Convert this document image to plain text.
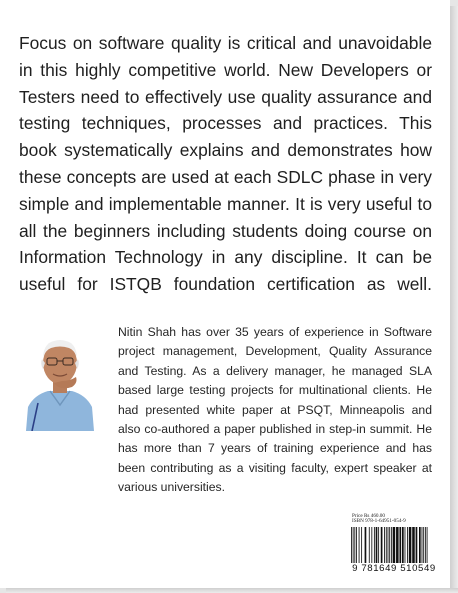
Focus on software quality is critical and unavoidable in this highly competitive world. New Developers or Testers need to effectively use quality assurance and testing techniques, processes and practices. This book systematically explains and demonstrates how these concepts are used at each SDLC phase in very simple and implementable manner. It is very useful to all the beginners including students doing course on Information Technology in any discipline. It can be useful for ISTQB foundation certification as well.

Nitin Shah has over 35 years of experience in Software project management, Development, Quality Assurance and Testing. As a delivery manager, he managed SLA based large testing projects for multinational clients. He had presented white paper at PSQT, Minneapolis and also co-authored a paper published in step-in summit. He has more than 7 years of training experience and has been contributing as a visiting faculty, expert speaker at various universities.

Price Rs 460.00
ISBN 978-1-64951-054-9
9 781649 510549
